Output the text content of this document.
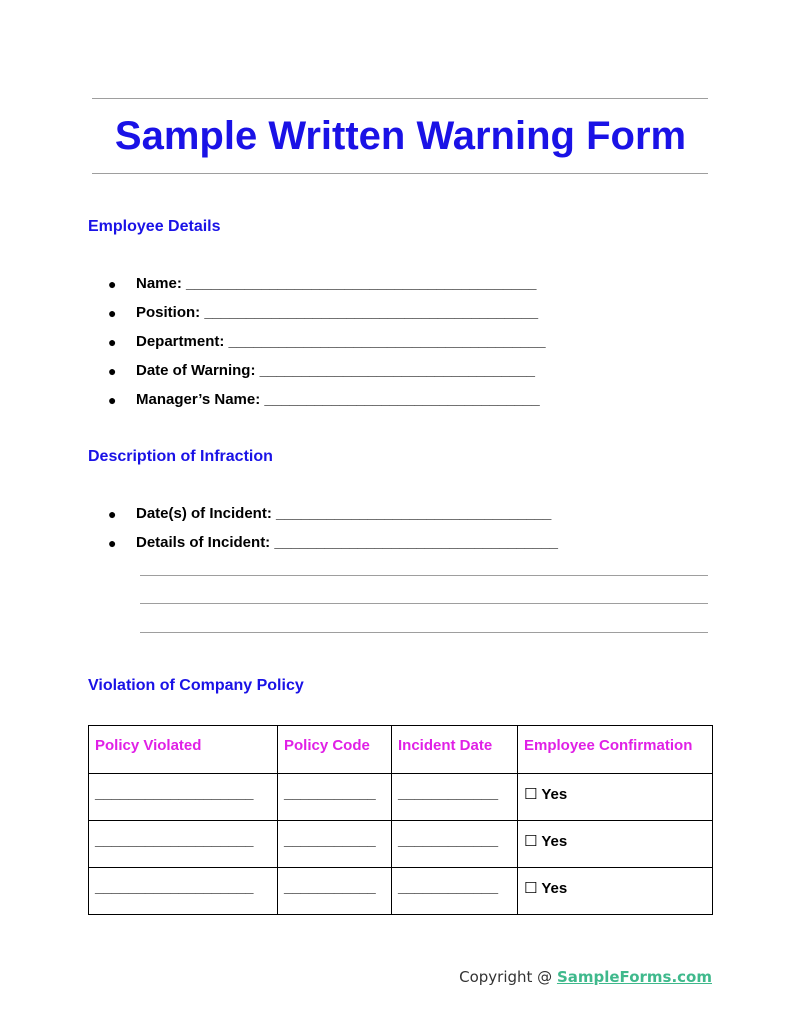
Sample Written Warning Form
Employee Details
● Name: __________________________________________
● Position: ________________________________________
● Department: ______________________________________
● Date of Warning: _________________________________
● Manager’s Name: _________________________________
Description of Infraction
● Date(s) of Incident: _________________________________
● Details of Incident: __________________________________
Violation of Company Policy
Policy Violated	Policy Code	Incident Date	Employee Confirmation
___________________	___________	____________	☐ Yes
___________________	___________	____________	☐ Yes
___________________	___________	____________	☐ Yes
Copyright @ SampleForms.com
